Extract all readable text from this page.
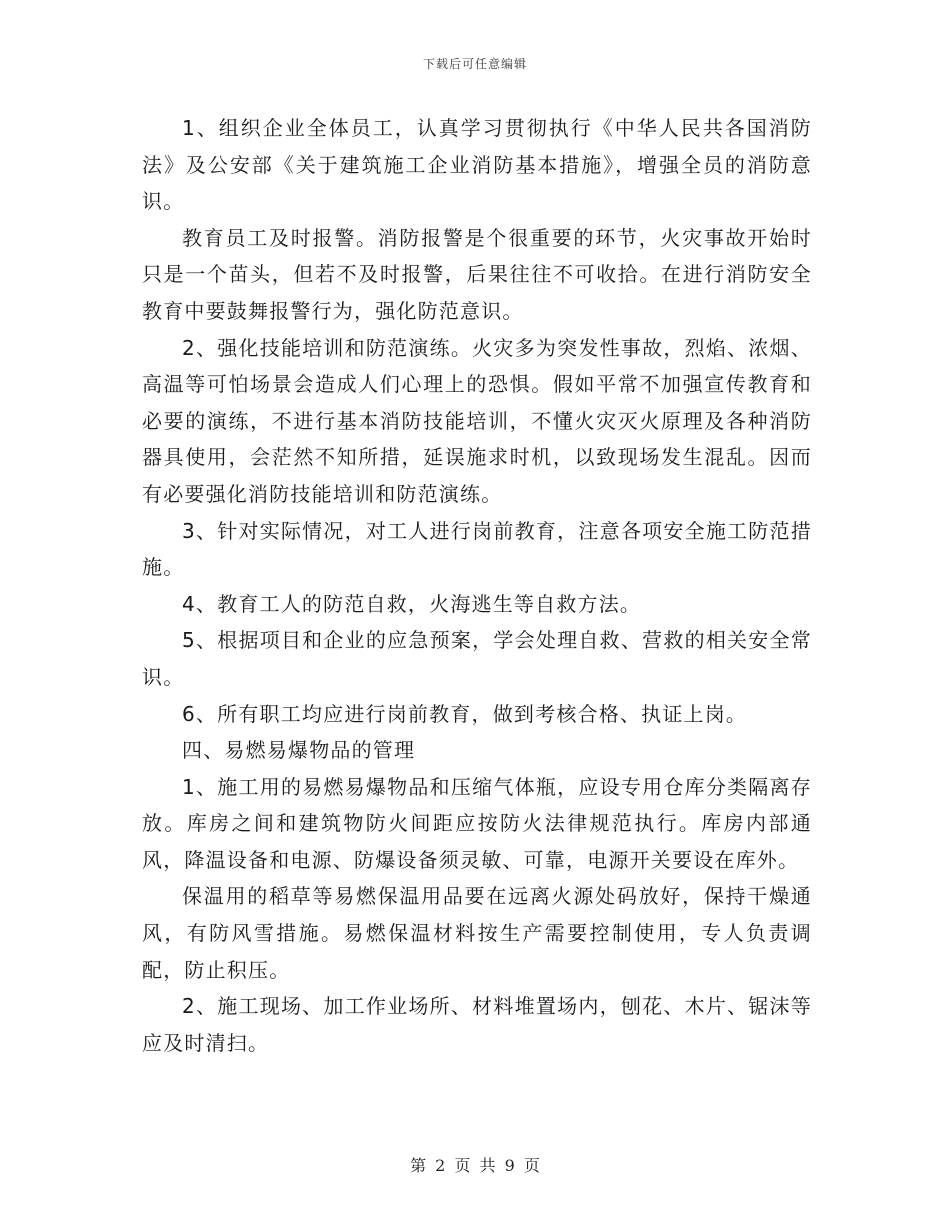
下载后可任意编辑

1、组织企业全体员工，认真学习贯彻执行《中华人民共各国消防法》及公安部《关于建筑施工企业消防基本措施》，增强全员的消防意识。

教育员工及时报警。消防报警是个很重要的环节，火灾事故开始时只是一个苗头，但若不及时报警，后果往往不可收拾。在进行消防安全教育中要鼓舞报警行为，强化防范意识。

2、强化技能培训和防范演练。火灾多为突发性事故，烈焰、浓烟、高温等可怕场景会造成人们心理上的恐惧。假如平常不加强宣传教育和必要的演练，不进行基本消防技能培训，不懂火灾灭火原理及各种消防器具使用，会茫然不知所措，延误施求时机，以致现场发生混乱。因而有必要强化消防技能培训和防范演练。

3、针对实际情况，对工人进行岗前教育，注意各项安全施工防范措施。

4、教育工人的防范自救，火海逃生等自救方法。

5、根据项目和企业的应急预案，学会处理自救、营救的相关安全常识。

6、所有职工均应进行岗前教育，做到考核合格、执证上岗。

四、易燃易爆物品的管理

1、施工用的易燃易爆物品和压缩气体瓶，应设专用仓库分类隔离存放。库房之间和建筑物防火间距应按防火法律规范执行。库房内部通风，降温设备和电源、防爆设备须灵敏、可靠，电源开关要设在库外。

保温用的稻草等易燃保温用品要在远离火源处码放好，保持干燥通风，有防风雪措施。易燃保温材料按生产需要控制使用，专人负责调配，防止积压。

2、施工现场、加工作业场所、材料堆置场内，刨花、木片、锯沫等应及时清扫。

第 2 页 共 9 页
